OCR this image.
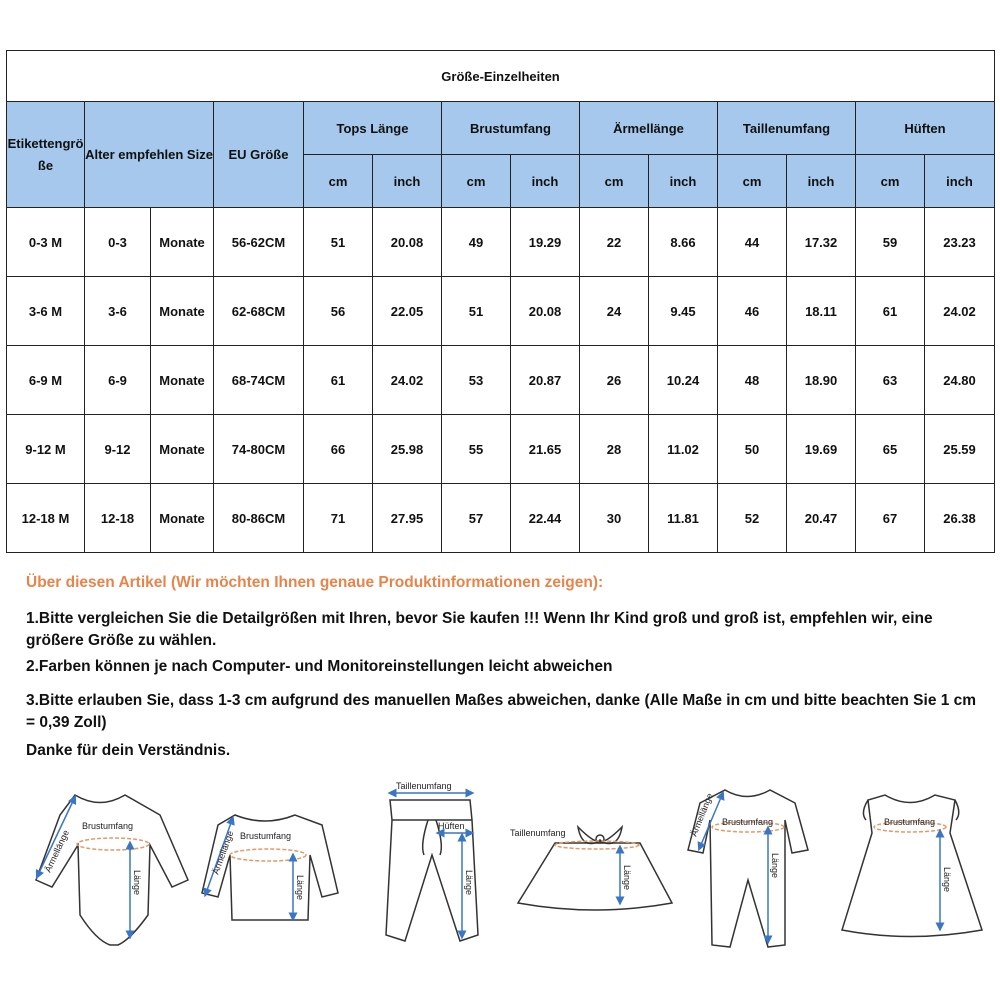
Größe-Einzelheiten													
Etikettengröße	Alter empfehlen Size		EU Größe	Tops Länge		Brustumfang		Ärmellänge		Taillenumfang		Hüften	
				cm	inch	cm	inch	cm	inch	cm	inch	cm	inch
0-3 M	0-3	Monate	56-62CM	51	20.08	49	19.29	22	8.66	44	17.32	59	23.23
3-6 M	3-6	Monate	62-68CM	56	22.05	51	20.08	24	9.45	46	18.11	61	24.02
6-9 M	6-9	Monate	68-74CM	61	24.02	53	20.87	26	10.24	48	18.90	63	24.80
9-12 M	9-12	Monate	74-80CM	66	25.98	55	21.65	28	11.02	50	19.69	65	25.59
12-18 M	12-18	Monate	80-86CM	71	27.95	57	22.44	30	11.81	52	20.47	67	26.38

Über diesen Artikel (Wir möchten Ihnen genaue Produktinformationen zeigen):

1.Bitte vergleichen Sie die Detailgrößen mit Ihren, bevor Sie kaufen !!! Wenn Ihr Kind groß und groß ist, empfehlen wir, eine größere Größe zu wählen.

2.Farben können je nach Computer- und Monitoreinstellungen leicht abweichen

3.Bitte erlauben Sie, dass 1-3 cm aufgrund des manuellen Maßes abweichen, danke (Alle Maße in cm und bitte beachten Sie 1 cm = 0,39 Zoll)

Danke für dein Verständnis.

Brustumfang
Ärmellänge
Länge
Brustumfang
Ärmellänge
Länge
Taillenumfang
Hüften
Länge
Taillenumfang
Länge
Brustumfang
Ärmellänge
Länge
Brustumfang
Länge
